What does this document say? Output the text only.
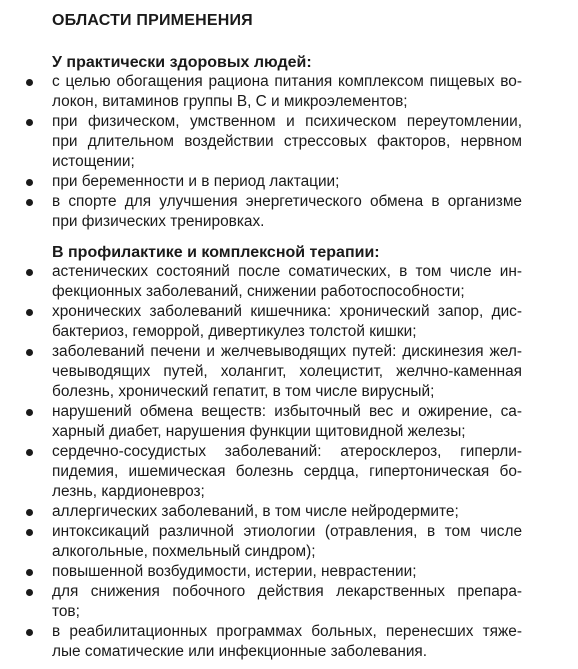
ОБЛАСТИ ПРИМЕНЕНИЯ
У практически здоровых людей:
с целью обогащения рациона питания комплексом пищевых во-
локон, витаминов группы В, С и микроэлементов;
при физическом, умственном и психическом переутомлении,
при длительном воздействии стрессовых факторов, нервном
истощении;
при беременности и в период лактации;
в спорте для улучшения энергетического обмена в организме
при физических тренировках.
В профилактике и комплексной терапии:
астенических состояний после соматических, в том числе ин-
фекционных заболеваний, снижении работоспособности;
хронических заболеваний кишечника: хронический запор, дис-
бактериоз, геморрой, дивертикулез толстой кишки;
заболеваний печени и желчевыводящих путей: дискинезия жел-
чевыводящих путей, холангит, холецистит, желчно-каменная
болезнь, хронический гепатит, в том числе вирусный;
нарушений обмена веществ: избыточный вес и ожирение, са-
харный диабет, нарушения функции щитовидной железы;
сердечно-сосудистых заболеваний: атеросклероз, гиперли-
пидемия, ишемическая болезнь сердца, гипертоническая бо-
лезнь, кардионевроз;
аллергических заболеваний, в том числе нейродермите;
интоксикаций различной этиологии (отравления, в том числе
алкогольные, похмельный синдром);
повышенной возбудимости, истерии, неврастении;
для снижения побочного действия лекарственных препара-
тов;
в реабилитационных программах больных, перенесших тяже-
лые соматические или инфекционные заболевания.
